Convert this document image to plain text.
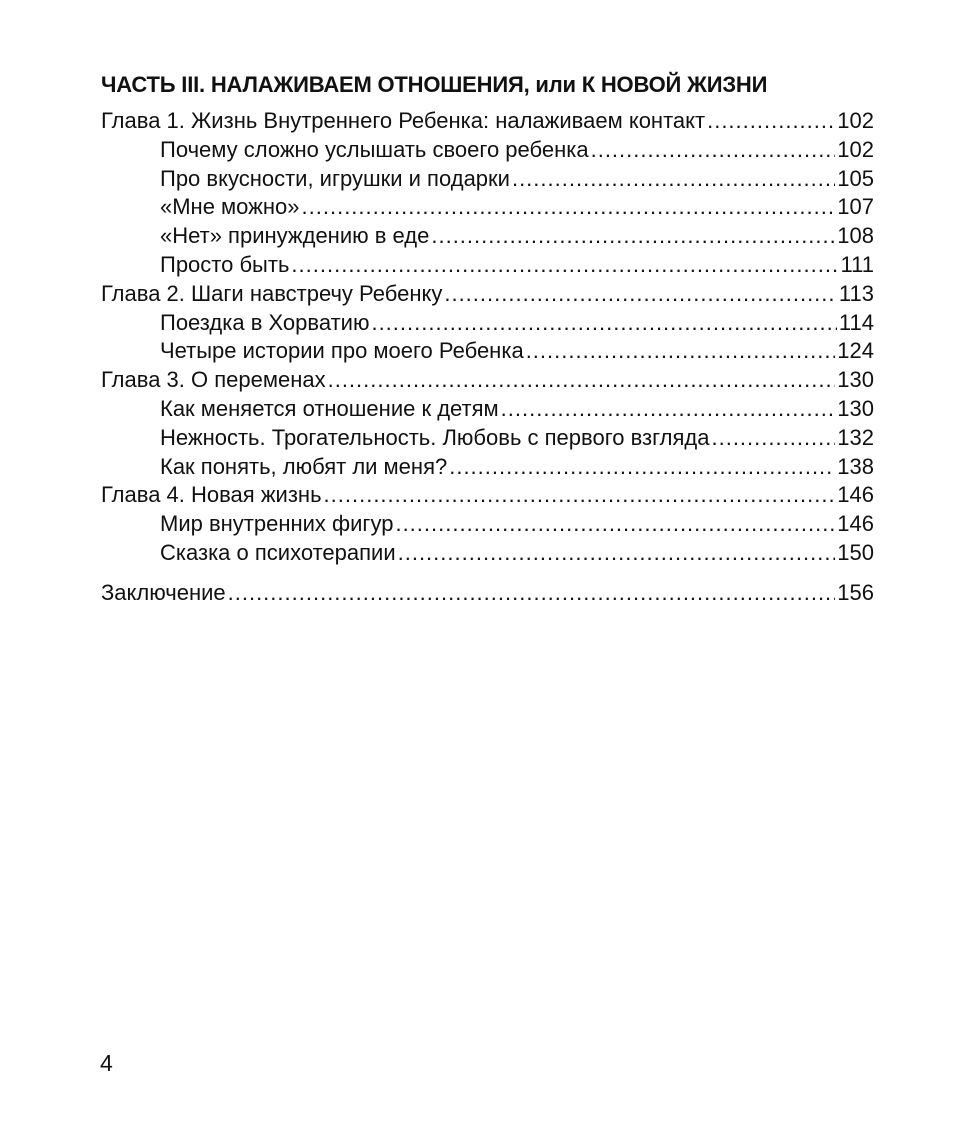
ЧАСТЬ III. НАЛАЖИВАЕМ ОТНОШЕНИЯ, или К НОВОЙ ЖИЗНИ
Глава 1. Жизнь Внутреннего Ребенка: налаживаем контакт .....	102
Почему сложно услышать своего ребенка .....	102
Про вкусности, игрушки и подарки .....	105
«Мне можно» .....	107
«Нет» принуждению в еде .....	108
Просто быть .....	111
Глава 2. Шаги навстречу Ребенку .....	113
Поездка в Хорватию .....	114
Четыре истории про моего Ребенка .....	124
Глава 3. О переменах .....	130
Как меняется отношение к детям .....	130
Нежность. Трогательность. Любовь с первого взгляда .....	132
Как понять, любят ли меня? .....	138
Глава 4. Новая жизнь .....	146
Мир внутренних фигур .....	146
Сказка о психотерапии .....	150
Заключение .....	156
4
